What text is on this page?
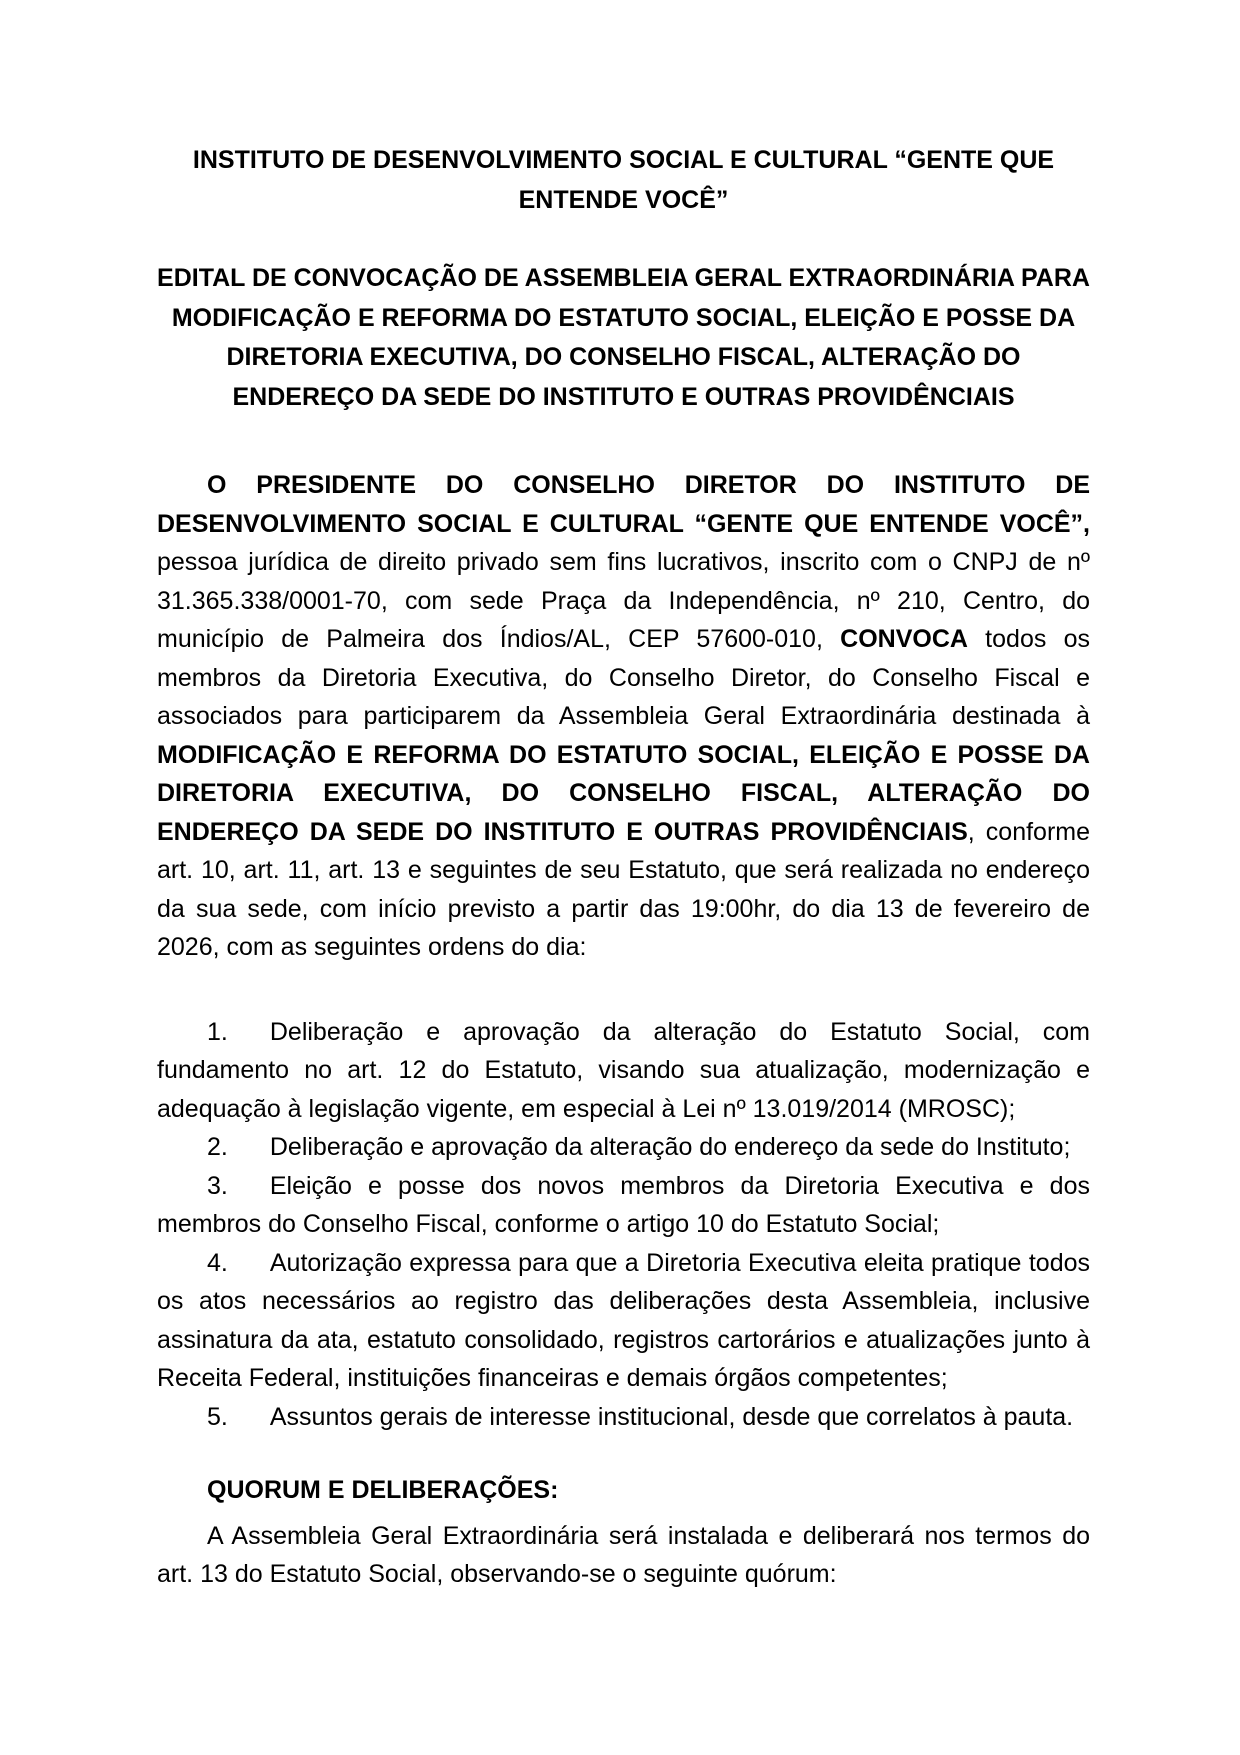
INSTITUTO DE DESENVOLVIMENTO SOCIAL E CULTURAL “GENTE QUE ENTENDE VOCÊ”
EDITAL DE CONVOCAÇÃO DE ASSEMBLEIA GERAL EXTRAORDINÁRIA PARA MODIFICAÇÃO E REFORMA DO ESTATUTO SOCIAL, ELEIÇÃO E POSSE DA DIRETORIA EXECUTIVA, DO CONSELHO FISCAL, ALTERAÇÃO DO ENDEREÇO DA SEDE DO INSTITUTO E OUTRAS PROVIDÊNCIAIS

O PRESIDENTE DO CONSELHO DIRETOR DO INSTITUTO DE DESENVOLVIMENTO SOCIAL E CULTURAL “GENTE QUE ENTENDE VOCÊ”, pessoa jurídica de direito privado sem fins lucrativos, inscrito com o CNPJ de nº 31.365.338/0001-70, com sede Praça da Independência, nº 210, Centro, do município de Palmeira dos Índios/AL, CEP 57600-010, CONVOCA todos os membros da Diretoria Executiva, do Conselho Diretor, do Conselho Fiscal e associados para participarem da Assembleia Geral Extraordinária destinada à MODIFICAÇÃO E REFORMA DO ESTATUTO SOCIAL, ELEIÇÃO E POSSE DA DIRETORIA EXECUTIVA, DO CONSELHO FISCAL, ALTERAÇÃO DO ENDEREÇO DA SEDE DO INSTITUTO E OUTRAS PROVIDÊNCIAIS, conforme art. 10, art. 11, art. 13 e seguintes de seu Estatuto, que será realizada no endereço da sua sede, com início previsto a partir das 19:00hr, do dia 13 de fevereiro de 2026, com as seguintes ordens do dia:

1. Deliberação e aprovação da alteração do Estatuto Social, com fundamento no art. 12 do Estatuto, visando sua atualização, modernização e adequação à legislação vigente, em especial à Lei nº 13.019/2014 (MROSC);

2. Deliberação e aprovação da alteração do endereço da sede do Instituto;

3. Eleição e posse dos novos membros da Diretoria Executiva e dos membros do Conselho Fiscal, conforme o artigo 10 do Estatuto Social;

4. Autorização expressa para que a Diretoria Executiva eleita pratique todos os atos necessários ao registro das deliberações desta Assembleia, inclusive assinatura da ata, estatuto consolidado, registros cartorários e atualizações junto à Receita Federal, instituições financeiras e demais órgãos competentes;

5. Assuntos gerais de interesse institucional, desde que correlatos à pauta.

QUORUM E DELIBERAÇÕES:

A Assembleia Geral Extraordinária será instalada e deliberará nos termos do art. 13 do Estatuto Social, observando-se o seguinte quórum:
